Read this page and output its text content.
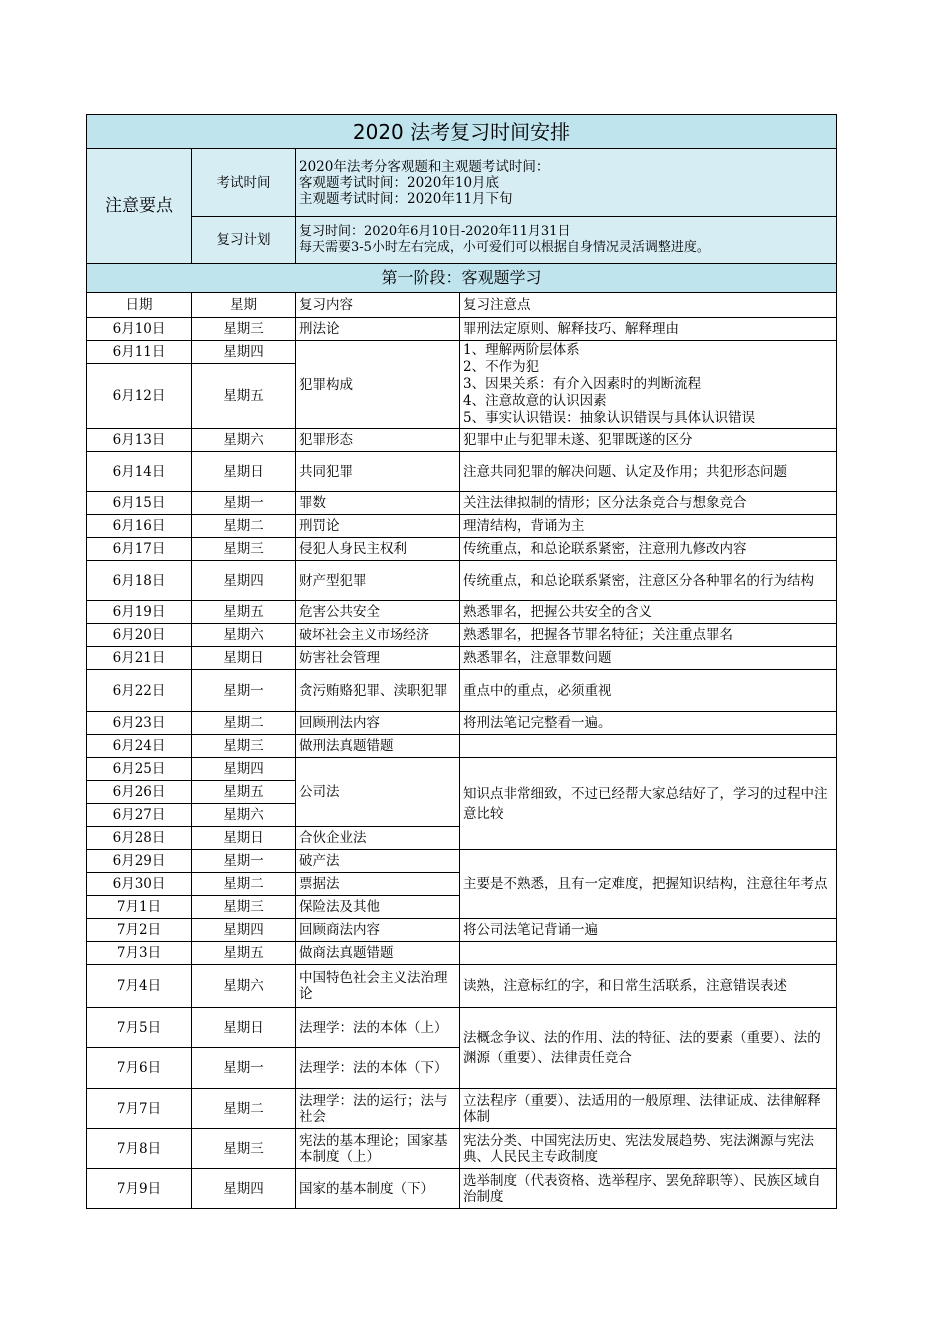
2020 法考复习时间安排			
注意要点	考试时间	2020年法考分客观题和主观题考试时间：
客观题考试时间：2020年10月底
主观题考试时间：2020年11月下旬	

	复习计划	复习时间：2020年6月10日-2020年11月31日
每天需要3-5小时左右完成，小可爱们可以根据自身情况灵活调整进度。	

第一阶段：客观题学习			
日期	星期	复习内容	复习注意点
6月10日	星期三	刑法论	罪刑法定原则、解释技巧、解释理由
6月11日	星期四	犯罪构成	1、理解两阶层体系
2、不作为犯
3、因果关系：有介入因素时的判断流程
4、注意故意的认识因素
5、事实认识错误：抽象认识错误与具体认识错误
6月12日	星期五		
6月13日	星期六	犯罪形态	犯罪中止与犯罪未遂、犯罪既遂的区分
6月14日	星期日	共同犯罪	注意共同犯罪的解决问题、认定及作用；共犯形态问题
6月15日	星期一	罪数	关注法律拟制的情形；区分法条竞合与想象竞合
6月16日	星期二	刑罚论	理清结构，背诵为主
6月17日	星期三	侵犯人身民主权利	传统重点，和总论联系紧密，注意刑九修改内容
6月18日	星期四	财产型犯罪	传统重点，和总论联系紧密，注意区分各种罪名的行为结构
6月19日	星期五	危害公共安全	熟悉罪名，把握公共安全的含义
6月20日	星期六	破坏社会主义市场经济	熟悉罪名，把握各节罪名特征；关注重点罪名
6月21日	星期日	妨害社会管理	熟悉罪名，注意罪数问题
6月22日	星期一	贪污贿赂犯罪、渎职犯罪	重点中的重点，必须重视
6月23日	星期二	回顾刑法内容	将刑法笔记完整看一遍。
6月24日	星期三	做刑法真题错题	
6月25日	星期四	公司法	知识点非常细致，不过已经帮大家总结好了，学习的过程中注意比较
6月26日	星期五		
6月27日	星期六		
6月28日	星期日	合伙企业法	
6月29日	星期一	破产法	主要是不熟悉，且有一定难度，把握知识结构，注意往年考点
6月30日	星期二	票据法	
7月1日	星期三	保险法及其他	
7月2日	星期四	回顾商法内容	将公司法笔记背诵一遍
7月3日	星期五	做商法真题错题	
7月4日	星期六	中国特色社会主义法治理论	读熟，注意标红的字，和日常生活联系，注意错误表述
7月5日	星期日	法理学：法的本体（上）	法概念争议、法的作用、法的特征、法的要素（重要）、法的渊源（重要）、法律责任竞合
7月6日	星期一	法理学：法的本体（下）	
7月7日	星期二	法理学：法的运行；法与社会	立法程序（重要）、法适用的一般原理、法律证成、法律解释体制
7月8日	星期三	宪法的基本理论；国家基本制度（上）	宪法分类、中国宪法历史、宪法发展趋势、宪法渊源与宪法典、人民民主专政制度
7月9日	星期四	国家的基本制度（下）	选举制度（代表资格、选举程序、罢免辞职等）、民族区域自治制度
